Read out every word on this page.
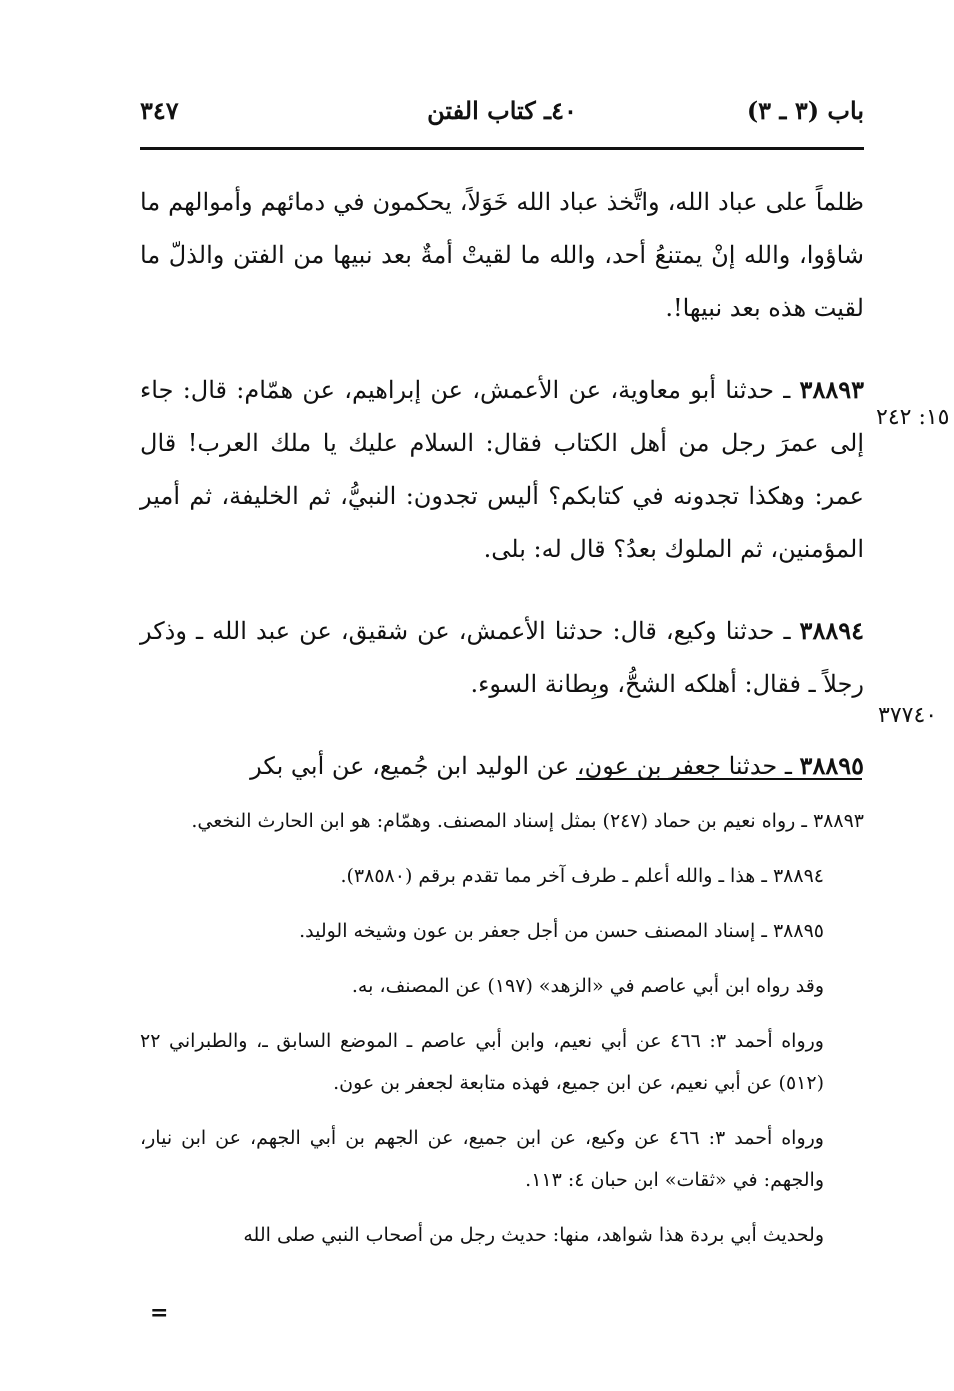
باب (٣ ـ ٣)
٤٠ـ كتاب الفتن
٣٤٧

ظلماً على عباد الله، واتَّخذ عباد الله خَوَلاً، يحكمون في دمائهم وأموالهم ما شاؤوا، والله إنْ يمتنعُ أحد، والله ما لقيتْ أمةٌ بعد نبيها من الفتن والذلّ ما لقيت هذه بعد نبيها!.

٣٨٨٩٣ ـ حدثنا أبو معاوية، عن الأعمش، عن إبراهيم، عن همّام: قال: جاء إلى عمرَ رجل من أهل الكتاب فقال: السلام عليك يا ملك العرب! قال عمر: وهكذا تجدونه في كتابكم؟ أليس تجدون: النبيُّ، ثم الخليفة، ثم أمير المؤمنين، ثم الملوك بعدُ؟ قال له: بلى.

٣٨٨٩٤ ـ حدثنا وكيع، قال: حدثنا الأعمش، عن شقيق، عن عبد الله ـ وذكر رجلاً ـ فقال: أهلكه الشحُّ، وبِطانة السوء.

٣٨٨٩٥ ـ حدثنا جعفر بن عون، عن الوليد ابن جُميع، عن أبي بكر

١٥: ٢٤٢
٣٧٧٤٠

٣٨٨٩٣ ـ رواه نعيم بن حماد (٢٤٧) بمثل إسناد المصنف. وهمّام: هو ابن الحارث النخعي.

٣٨٨٩٤ ـ هذا ـ والله أعلم ـ طرف آخر مما تقدم برقم (٣٨٥٨٠).

٣٨٨٩٥ ـ إسناد المصنف حسن من أجل جعفر بن عون وشيخه الوليد.

وقد رواه ابن أبي عاصم في «الزهد» (١٩٧) عن المصنف، به.

ورواه أحمد ٣: ٤٦٦ عن أبي نعيم، وابن أبي عاصم ـ الموضع السابق ـ، والطبراني ٢٢ (٥١٢) عن أبي نعيم، عن ابن جميع، فهذه متابعة لجعفر بن عون.

ورواه أحمد ٣: ٤٦٦ عن وكيع، عن ابن جميع، عن الجهم بن أبي الجهم، عن ابن نيار، والجهم: في «ثقات» ابن حبان ٤: ١١٣.

ولحديث أبي بردة هذا شواهد، منها: حديث رجل من أصحاب النبي صلى الله

=
